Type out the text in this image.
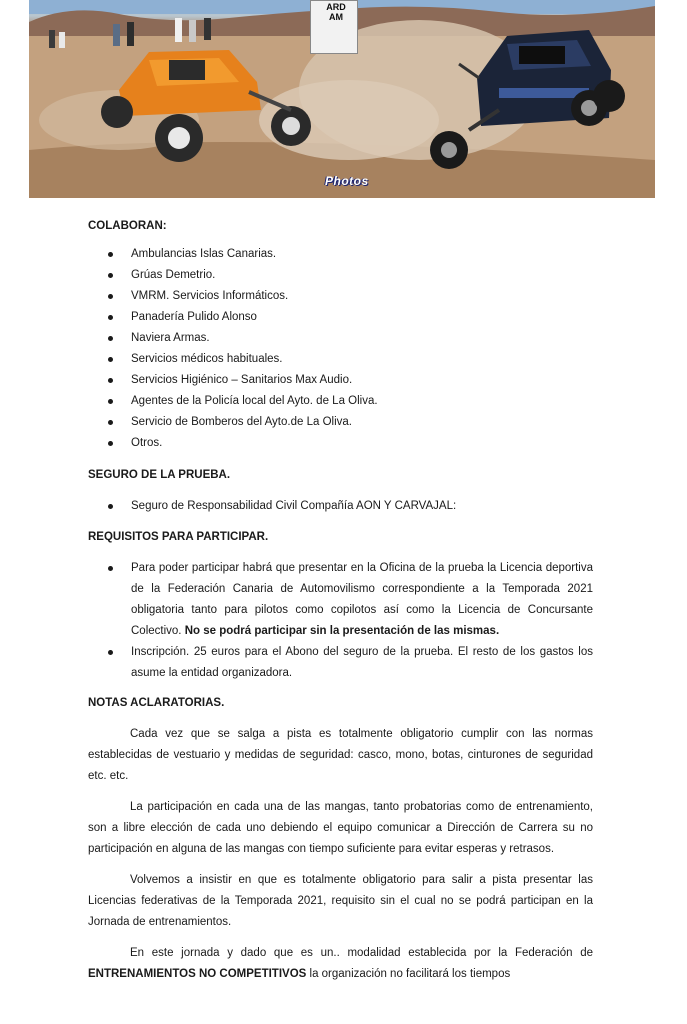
ARDAM
Photos
COLABORAN:
Ambulancias Islas Canarias.
Grúas Demetrio.
VMRM. Servicios Informáticos.
Panadería Pulido Alonso
Naviera Armas.
Servicios médicos habituales.
Servicios Higiénico – Sanitarios Max Audio.
Agentes de la Policía local del Ayto. de La Oliva.
Servicio de Bomberos del Ayto.de La Oliva.
Otros.
SEGURO DE LA PRUEBA.
Seguro de Responsabilidad Civil Compañía AON Y CARVAJAL:
REQUISITOS PARA PARTICIPAR.
Para poder participar habrá que presentar en la Oficina de la prueba la Licencia deportiva de la Federación Canaria de Automovilismo correspondiente a la Temporada 2021 obligatoria tanto para pilotos como copilotos así como la Licencia de Concursante Colectivo. No se podrá participar sin la presentación de las mismas.
Inscripción. 25 euros para el Abono del seguro de la prueba. El resto de los gastos los asume la entidad organizadora.
NOTAS ACLARATORIAS.

Cada vez que se salga a pista es totalmente obligatorio cumplir con las normas establecidas de vestuario y medidas de seguridad: casco, mono, botas, cinturones de seguridad etc. etc.

La participación en cada una de las mangas, tanto probatorias como de entrenamiento, son a libre elección de cada uno debiendo el equipo comunicar a Dirección de Carrera su no participación en alguna de las mangas con tiempo suficiente para evitar esperas y retrasos.

Volvemos a insistir en que es totalmente obligatorio para salir a pista presentar las Licencias federativas de la Temporada 2021, requisito sin el cual no se podrá participan en la Jornada de entrenamientos.

En este jornada y dado que es un.. modalidad establecida por la Federación de ENTRENAMIENTOS NO COMPETITIVOS la organización no facilitará los tiempos
